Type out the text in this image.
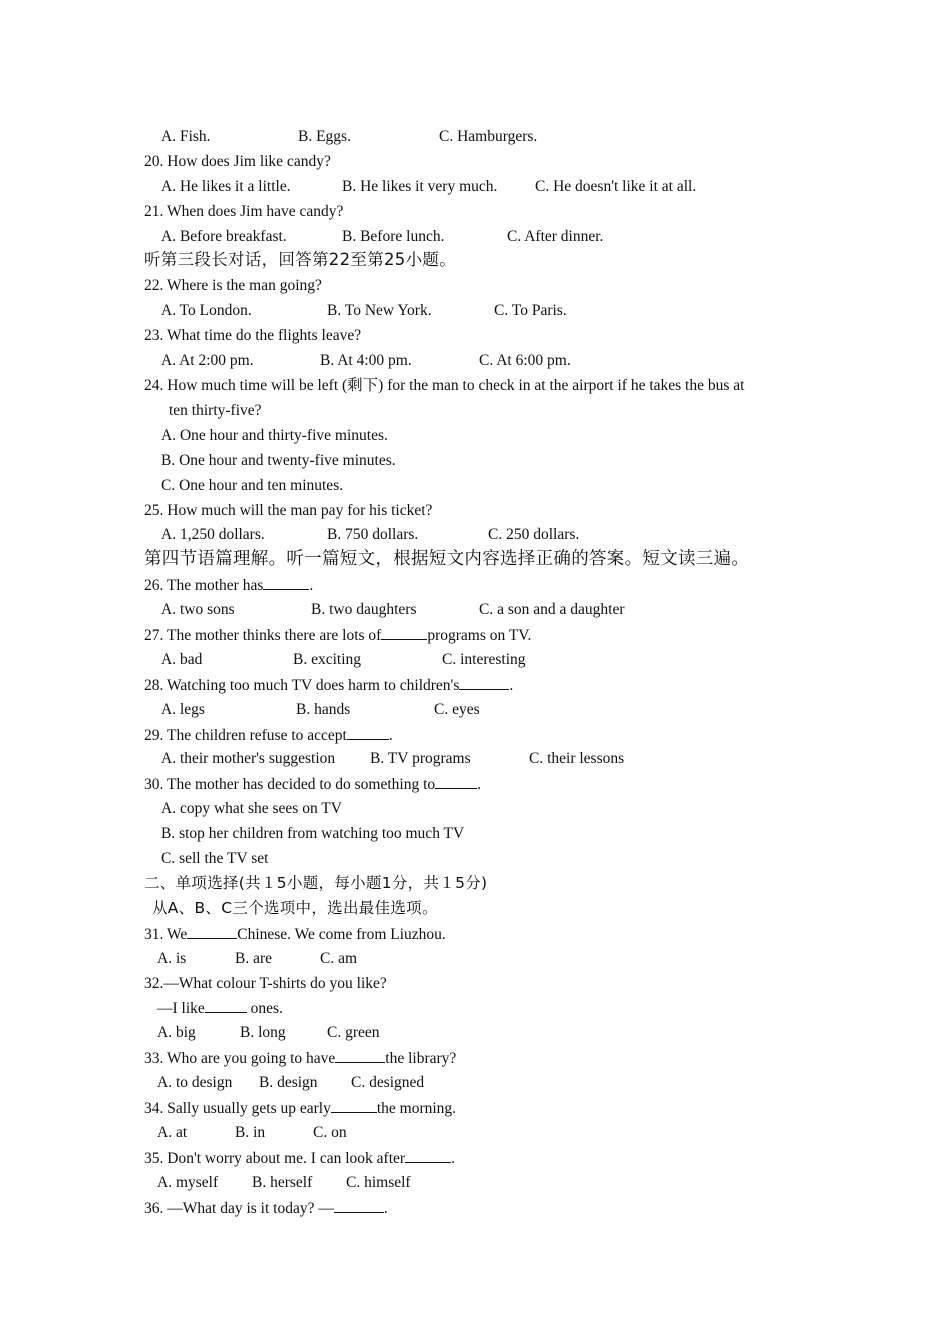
A. Fish.	B. Eggs.	C. Hamburgers.
20. How does Jim like candy?
A. He likes it a little.	B. He likes it very much. C. He doesn't like it at all.
21. When does Jim have candy?
A. Before breakfast.	B. Before lunch.	C. After dinner.
听第三段长对话，回答第22至第25小题。
22. Where is the man going?
A. To London.	B. To New York.	C. To Paris.
23. What time do the flights leave?
A. At 2:00 pm.	B. At 4:00 pm.	C. At 6:00 pm.
24. How much time will be left (剩下) for the man to check in at the airport if he takes the bus at
ten thirty-five?
A. One hour and thirty-five minutes.
B. One hour and twenty-five minutes.
C. One hour and ten minutes.
25. How much will the man pay for his ticket?
A. 1,250 dollars.	B. 750 dollars.	C. 250 dollars.
第四节语篇理解。听一篇短文，根据短文内容选择正确的答案。短文读三遍。
26. The mother has	.
A. two sons	B. two daughters	C. a son and a daughter
27. The mother thinks there are lots of	programs on TV.
A. bad	B. exciting	C. interesting
28. Watching too much TV does harm to children's	.
A. legs	B. hands	C. eyes
29. The children refuse to accept	.
A. their mother's suggestion B. TV programs	C. their lessons
30. The mother has decided to do something to	.
A. copy what she sees on TV
B. stop her children from watching too much TV
C. sell the TV set
二、单项选择(共１5小题，每小题1分，共１5分)
从A、B、C三个选项中，选出最佳选项。
31. We	Chinese. We come from Liuzhou.
A. is	B. are	C. am
32.—What colour T-shirts do you like?
—I like	ones.
A. big	B. long	C. green
33. Who are you going to have	the library?
A. to design B. design C. designed
34. Sally usually gets up early	the morning.
A. at	B. in	C. on
35. Don't worry about me. I can look after	.
A. myself B. herself C. himself
36. —What day is it today? —	.
